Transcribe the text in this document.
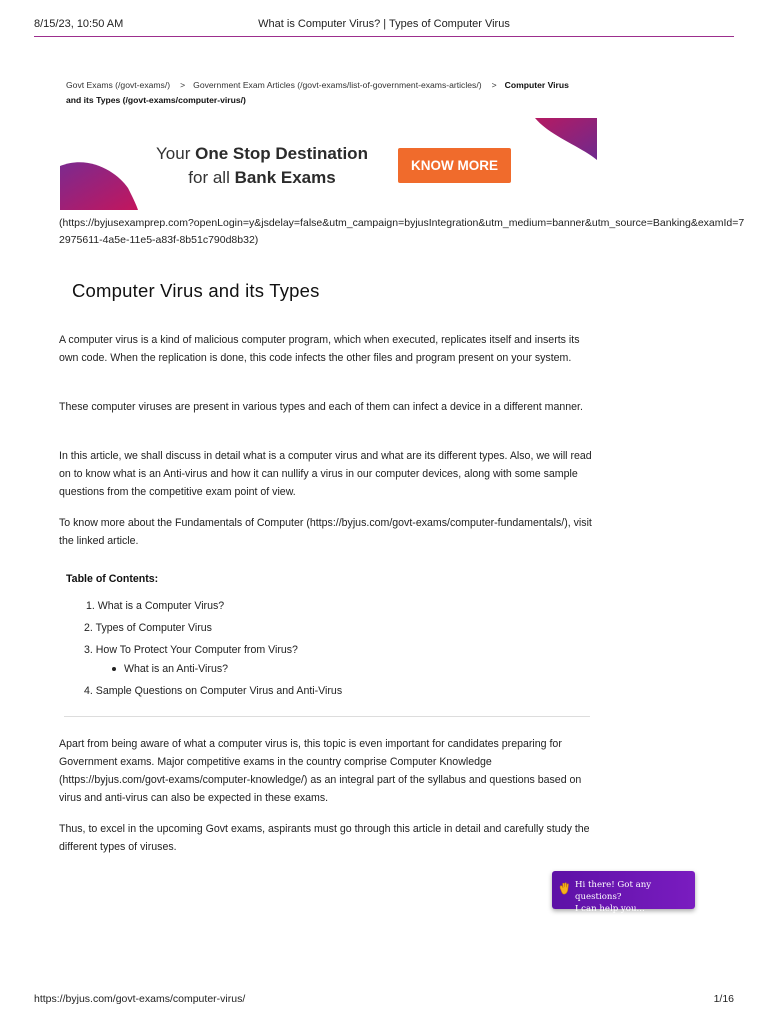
8/15/23, 10:50 AM	What is Computer Virus? | Types of Computer Virus
Govt Exams (/govt-exams/) > Government Exam Articles (/govt-exams/list-of-government-exams-articles/) > Computer Virus and its Types (/govt-exams/computer-virus/)
Your One Stop Destination
for all Bank Exams
KNOW MORE
(https://byjusexamprep.com?openLogin=y&jsdelay=false&utm_campaign=byjusIntegration&utm_medium=banner&utm_source=Banking&examId=72975611-4a5e-11e5-a83f-8b51c790d8b32)
Computer Virus and its Types

A computer virus is a kind of malicious computer program, which when executed, replicates itself and inserts its own code. When the replication is done, this code infects the other files and program present on your system.

These computer viruses are present in various types and each of them can infect a device in a different manner.

In this article, we shall discuss in detail what is a computer virus and what are its different types. Also, we will read on to know what is an Anti-virus and how it can nullify a virus in our computer devices, along with some sample questions from the competitive exam point of view.

To know more about the Fundamentals of Computer (https://byjus.com/govt-exams/computer-fundamentals/), visit the linked article.

Table of Contents:
1. What is a Computer Virus?
2. Types of Computer Virus
3. How To Protect Your Computer from Virus?
What is an Anti-Virus?
4. Sample Questions on Computer Virus and Anti-Virus

Apart from being aware of what a computer virus is, this topic is even important for candidates preparing for Government exams. Major competitive exams in the country comprise Computer Knowledge (https://byjus.com/govt-exams/computer-knowledge/) as an integral part of the syllabus and questions based on virus and anti-virus can also be expected in these exams.

Thus, to excel in the upcoming Govt exams, aspirants must go through this article in detail and carefully study the different types of viruses.

Hi there! Got any questions?
I can help you...
https://byjus.com/govt-exams/computer-virus/	1/16
